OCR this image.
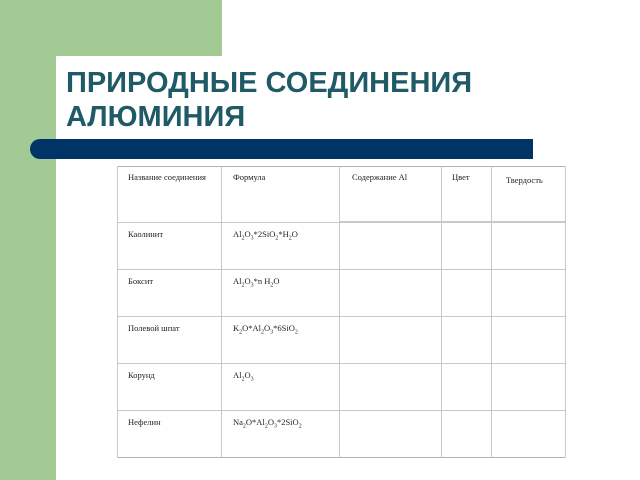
ПРИРОДНЫЕ СОЕДИНЕНИЯ
АЛЮМИНИЯ
Название соединения	Формула	Содержание Al	Цвет	Твердость

Каолинит	$Al_2O_3*2SiO_2*H_2O$			

Боксит	$Al_2O_3*n$ $H_2O$			

Полевой шпат	$K_2O*Al_2O_3*6SiO_2$

Корунд	$Al_2O_3$

Нефелин	$Na_2O*Al_2O_3*2SiO_2$
